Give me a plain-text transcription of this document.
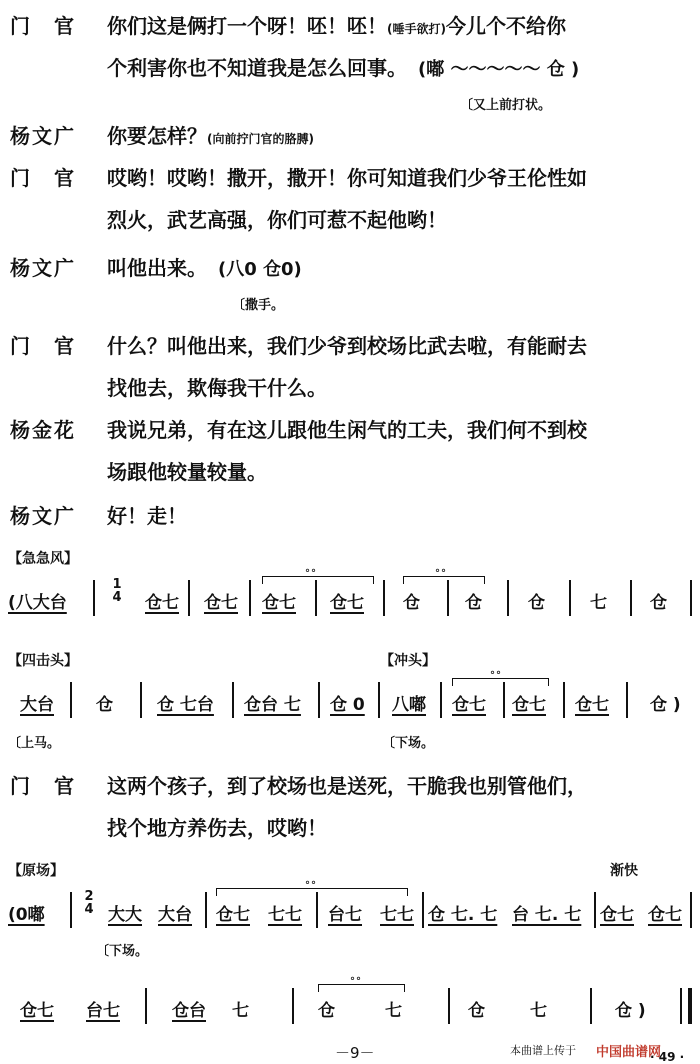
门　官 你们这是俩打一个呀！呸！呸！(唾手欲打)今儿个不给你
个利害你也不知道我是怎么回事。 (嘟 ～～～～～ 仓 )
〔又上前打状。
杨文广 你要怎样？(向前拧门官的胳膊)
门　官 哎哟！哎哟！撒开，撒开！你可知道我们少爷王伦性如
烈火，武艺高强，你们可惹不起他哟！
杨文广 叫他出来。 (八0 仓0)
〔撒手。
门　官 什么？叫他出来，我们少爷到校场比武去啦，有能耐去
找他去，欺侮我干什么。
杨金花 我说兄弟，有在这儿跟他生闲气的工夫，我们何不到校
场跟他较量较量。
杨文广 好！走！
【急急风】
(八大台
1
4 仓七 仓七
°°
仓七 仓七
°°
仓	仓	仓	七	仓
【四击头】	【冲头】
大台 仓	仓 七台 仓台 七 仓 0 八嘟
°°
仓七 仓七 仓七 仓 )
〔上马。	〔下场。
门　官 这两个孩子，到了校场也是送死，干脆我也别管他们，
找个地方养伤去，哎哟！
【原场】	渐快
(0嘟
2
4 大大 大台
°°
仓七 七七 台七 七七 仓 七. 七 台 七. 七 仓七 仓七
〔下场。
仓七 台七	仓台 七
°°
仓	七	仓	七	仓 )
－9－	本曲谱上传于 中国曲谱网
· 49 ·
